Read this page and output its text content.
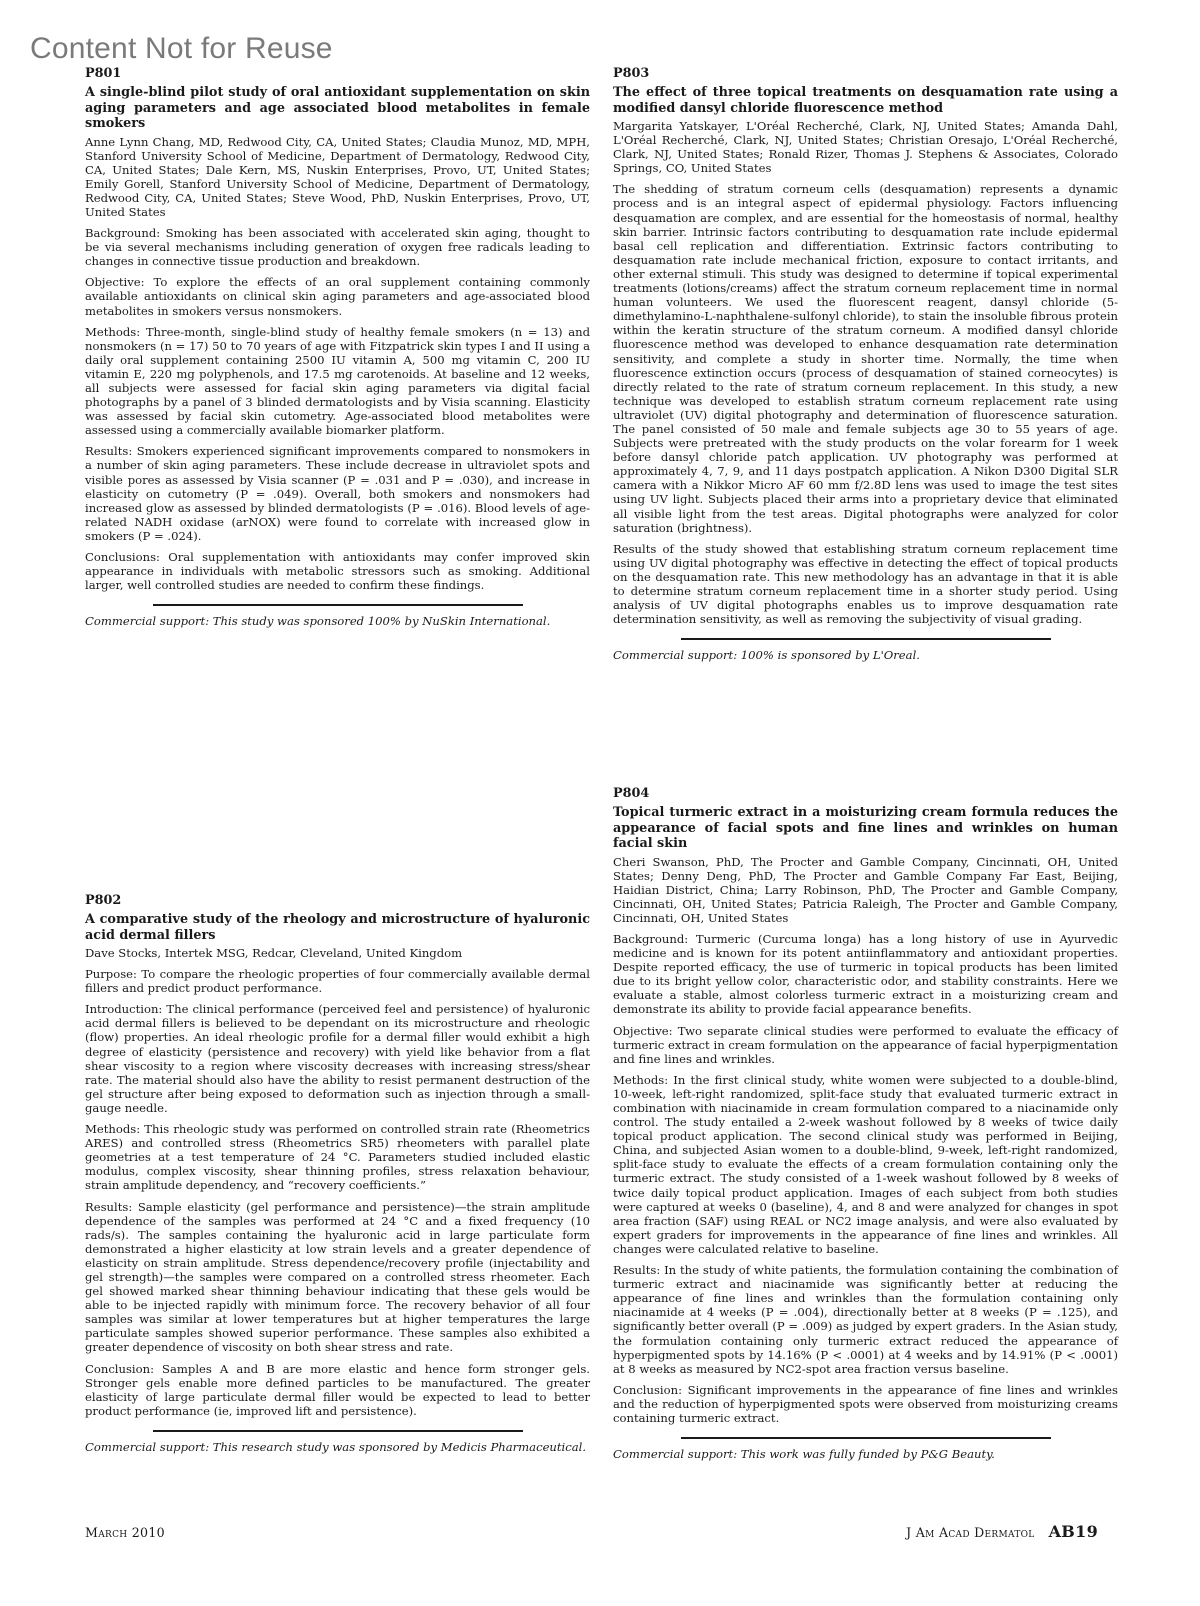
Content Not for Reuse
P801
A single-blind pilot study of oral antioxidant supplementation on skin aging parameters and age associated blood metabolites in female smokers
Anne Lynn Chang, MD, Redwood City, CA, United States; Claudia Munoz, MD, MPH, Stanford University School of Medicine, Department of Dermatology, Redwood City, CA, United States; Dale Kern, MS, Nuskin Enterprises, Provo, UT, United States; Emily Gorell, Stanford University School of Medicine, Department of Dermatology, Redwood City, CA, United States; Steve Wood, PhD, Nuskin Enterprises, Provo, UT, United States

Background: Smoking has been associated with accelerated skin aging, thought to be via several mechanisms including generation of oxygen free radicals leading to changes in connective tissue production and breakdown.

Objective: To explore the effects of an oral supplement containing commonly available antioxidants on clinical skin aging parameters and age-associated blood metabolites in smokers versus nonsmokers.

Methods: Three-month, single-blind study of healthy female smokers (n = 13) and nonsmokers (n = 17) 50 to 70 years of age with Fitzpatrick skin types I and II using a daily oral supplement containing 2500 IU vitamin A, 500 mg vitamin C, 200 IU vitamin E, 220 mg polyphenols, and 17.5 mg carotenoids. At baseline and 12 weeks, all subjects were assessed for facial skin aging parameters via digital facial photographs by a panel of 3 blinded dermatologists and by Visia scanning. Elasticity was assessed by facial skin cutometry. Age-associated blood metabolites were assessed using a commercially available biomarker platform.

Results: Smokers experienced significant improvements compared to nonsmokers in a number of skin aging parameters. These include decrease in ultraviolet spots and visible pores as assessed by Visia scanner (P = .031 and P = .030), and increase in elasticity on cutometry (P = .049). Overall, both smokers and nonsmokers had increased glow as assessed by blinded dermatologists (P = .016). Blood levels of age-related NADH oxidase (arNOX) were found to correlate with increased glow in smokers (P = .024).

Conclusions: Oral supplementation with antioxidants may confer improved skin appearance in individuals with metabolic stressors such as smoking. Additional larger, well controlled studies are needed to confirm these findings.

Commercial support: This study was sponsored 100% by NuSkin International.

P802
A comparative study of the rheology and microstructure of hyaluronic acid dermal fillers
Dave Stocks, Intertek MSG, Redcar, Cleveland, United Kingdom

Purpose: To compare the rheologic properties of four commercially available dermal fillers and predict product performance.

Introduction: The clinical performance (perceived feel and persistence) of hyaluronic acid dermal fillers is believed to be dependant on its microstructure and rheologic (flow) properties. An ideal rheologic profile for a dermal filler would exhibit a high degree of elasticity (persistence and recovery) with yield like behavior from a flat shear viscosity to a region where viscosity decreases with increasing stress/shear rate. The material should also have the ability to resist permanent destruction of the gel structure after being exposed to deformation such as injection through a small-gauge needle.

Methods: This rheologic study was performed on controlled strain rate (Rheometrics ARES) and controlled stress (Rheometrics SR5) rheometers with parallel plate geometries at a test temperature of 24 °C. Parameters studied included elastic modulus, complex viscosity, shear thinning profiles, stress relaxation behaviour, strain amplitude dependency, and “recovery coefficients.”

Results: Sample elasticity (gel performance and persistence)—the strain amplitude dependence of the samples was performed at 24 °C and a fixed frequency (10 rads/s). The samples containing the hyaluronic acid in large particulate form demonstrated a higher elasticity at low strain levels and a greater dependence of elasticity on strain amplitude. Stress dependence/recovery profile (injectability and gel strength)—the samples were compared on a controlled stress rheometer. Each gel showed marked shear thinning behaviour indicating that these gels would be able to be injected rapidly with minimum force. The recovery behavior of all four samples was similar at lower temperatures but at higher temperatures the large particulate samples showed superior performance. These samples also exhibited a greater dependence of viscosity on both shear stress and rate.

Conclusion: Samples A and B are more elastic and hence form stronger gels. Stronger gels enable more defined particles to be manufactured. The greater elasticity of large particulate dermal filler would be expected to lead to better product performance (ie, improved lift and persistence).

Commercial support: This research study was sponsored by Medicis Pharmaceutical.

P803
The effect of three topical treatments on desquamation rate using a modified dansyl chloride fluorescence method
Margarita Yatskayer, L'Oréal Recherché, Clark, NJ, United States; Amanda Dahl, L'Oréal Recherché, Clark, NJ, United States; Christian Oresajo, L'Oréal Recherché, Clark, NJ, United States; Ronald Rizer, Thomas J. Stephens & Associates, Colorado Springs, CO, United States

The shedding of stratum corneum cells (desquamation) represents a dynamic process and is an integral aspect of epidermal physiology. Factors influencing desquamation are complex, and are essential for the homeostasis of normal, healthy skin barrier. Intrinsic factors contributing to desquamation rate include epidermal basal cell replication and differentiation. Extrinsic factors contributing to desquamation rate include mechanical friction, exposure to contact irritants, and other external stimuli. This study was designed to determine if topical experimental treatments (lotions/creams) affect the stratum corneum replacement time in normal human volunteers. We used the fluorescent reagent, dansyl chloride (5-dimethylamino-L-naphthalene-sulfonyl chloride), to stain the insoluble fibrous protein within the keratin structure of the stratum corneum. A modified dansyl chloride fluorescence method was developed to enhance desquamation rate determination sensitivity, and complete a study in shorter time. Normally, the time when fluorescence extinction occurs (process of desquamation of stained corneocytes) is directly related to the rate of stratum corneum replacement. In this study, a new technique was developed to establish stratum corneum replacement rate using ultraviolet (UV) digital photography and determination of fluorescence saturation. The panel consisted of 50 male and female subjects age 30 to 55 years of age. Subjects were pretreated with the study products on the volar forearm for 1 week before dansyl chloride patch application. UV photography was performed at approximately 4, 7, 9, and 11 days postpatch application. A Nikon D300 Digital SLR camera with a Nikkor Micro AF 60 mm f/2.8D lens was used to image the test sites using UV light. Subjects placed their arms into a proprietary device that eliminated all visible light from the test areas. Digital photographs were analyzed for color saturation (brightness).

Results of the study showed that establishing stratum corneum replacement time using UV digital photography was effective in detecting the effect of topical products on the desquamation rate. This new methodology has an advantage in that it is able to determine stratum corneum replacement time in a shorter study period. Using analysis of UV digital photographs enables us to improve desquamation rate determination sensitivity, as well as removing the subjectivity of visual grading.

Commercial support: 100% is sponsored by L'Oreal.

P804
Topical turmeric extract in a moisturizing cream formula reduces the appearance of facial spots and fine lines and wrinkles on human facial skin
Cheri Swanson, PhD, The Procter and Gamble Company, Cincinnati, OH, United States; Denny Deng, PhD, The Procter and Gamble Company Far East, Beijing, Haidian District, China; Larry Robinson, PhD, The Procter and Gamble Company, Cincinnati, OH, United States; Patricia Raleigh, The Procter and Gamble Company, Cincinnati, OH, United States

Background: Turmeric (Curcuma longa) has a long history of use in Ayurvedic medicine and is known for its potent antiinflammatory and antioxidant properties. Despite reported efficacy, the use of turmeric in topical products has been limited due to its bright yellow color, characteristic odor, and stability constraints. Here we evaluate a stable, almost colorless turmeric extract in a moisturizing cream and demonstrate its ability to provide facial appearance benefits.

Objective: Two separate clinical studies were performed to evaluate the efficacy of turmeric extract in cream formulation on the appearance of facial hyperpigmentation and fine lines and wrinkles.

Methods: In the first clinical study, white women were subjected to a double-blind, 10-week, left-right randomized, split-face study that evaluated turmeric extract in combination with niacinamide in cream formulation compared to a niacinamide only control. The study entailed a 2-week washout followed by 8 weeks of twice daily topical product application. The second clinical study was performed in Beijing, China, and subjected Asian women to a double-blind, 9-week, left-right randomized, split-face study to evaluate the effects of a cream formulation containing only the turmeric extract. The study consisted of a 1-week washout followed by 8 weeks of twice daily topical product application. Images of each subject from both studies were captured at weeks 0 (baseline), 4, and 8 and were analyzed for changes in spot area fraction (SAF) using REAL or NC2 image analysis, and were also evaluated by expert graders for improvements in the appearance of fine lines and wrinkles. All changes were calculated relative to baseline.

Results: In the study of white patients, the formulation containing the combination of turmeric extract and niacinamide was significantly better at reducing the appearance of fine lines and wrinkles than the formulation containing only niacinamide at 4 weeks (P = .004), directionally better at 8 weeks (P = .125), and significantly better overall (P = .009) as judged by expert graders. In the Asian study, the formulation containing only turmeric extract reduced the appearance of hyperpigmented spots by 14.16% (P < .0001) at 4 weeks and by 14.91% (P < .0001) at 8 weeks as measured by NC2-spot area fraction versus baseline.

Conclusion: Significant improvements in the appearance of fine lines and wrinkles and the reduction of hyperpigmented spots were observed from moisturizing creams containing turmeric extract.

Commercial support: This work was fully funded by P&G Beauty.

March 2010	J Am Acad Dermatol AB19
